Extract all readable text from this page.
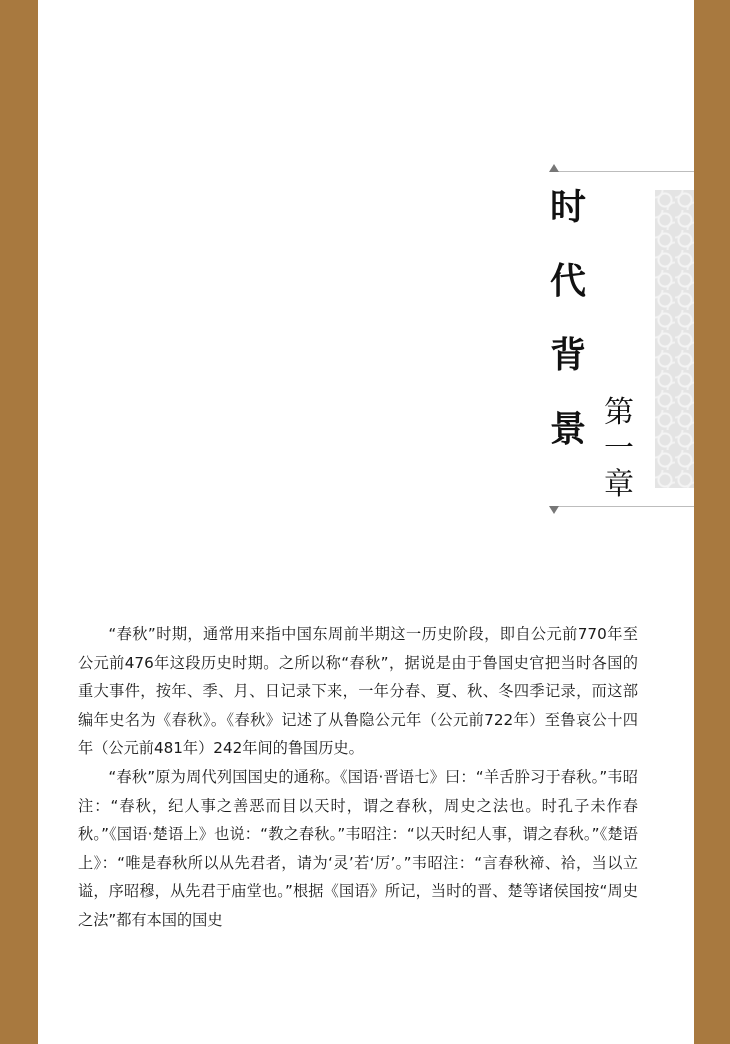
时
代
背
景 第
一
章

“春秋”时期，通常用来指中国东周前半期这一历史阶段，即自公元前770年至公元前476年这段历史时期。之所以称“春秋”，据说是由于鲁国史官把当时各国的重大事件，按年、季、月、日记录下来，一年分春、夏、秋、冬四季记录，而这部编年史名为《春秋》。《春秋》记述了从鲁隐公元年（公元前722年）至鲁哀公十四年（公元前481年）242年间的鲁国历史。

“春秋”原为周代列国国史的通称。《国语·晋语七》曰：“羊舌肸习于春秋。”韦昭注：“春秋，纪人事之善恶而目以天时，谓之春秋，周史之法也。时孔子未作春秋。”《国语·楚语上》也说：“教之春秋。”韦昭注：“以天时纪人事，谓之春秋。”《楚语上》：“唯是春秋所以从先君者，请为‘灵’若‘厉’。”韦昭注：“言春秋禘、祫，当以立谥，序昭穆，从先君于庙堂也。”根据《国语》所记，当时的晋、楚等诸侯国按“周史之法”都有本国的国史
